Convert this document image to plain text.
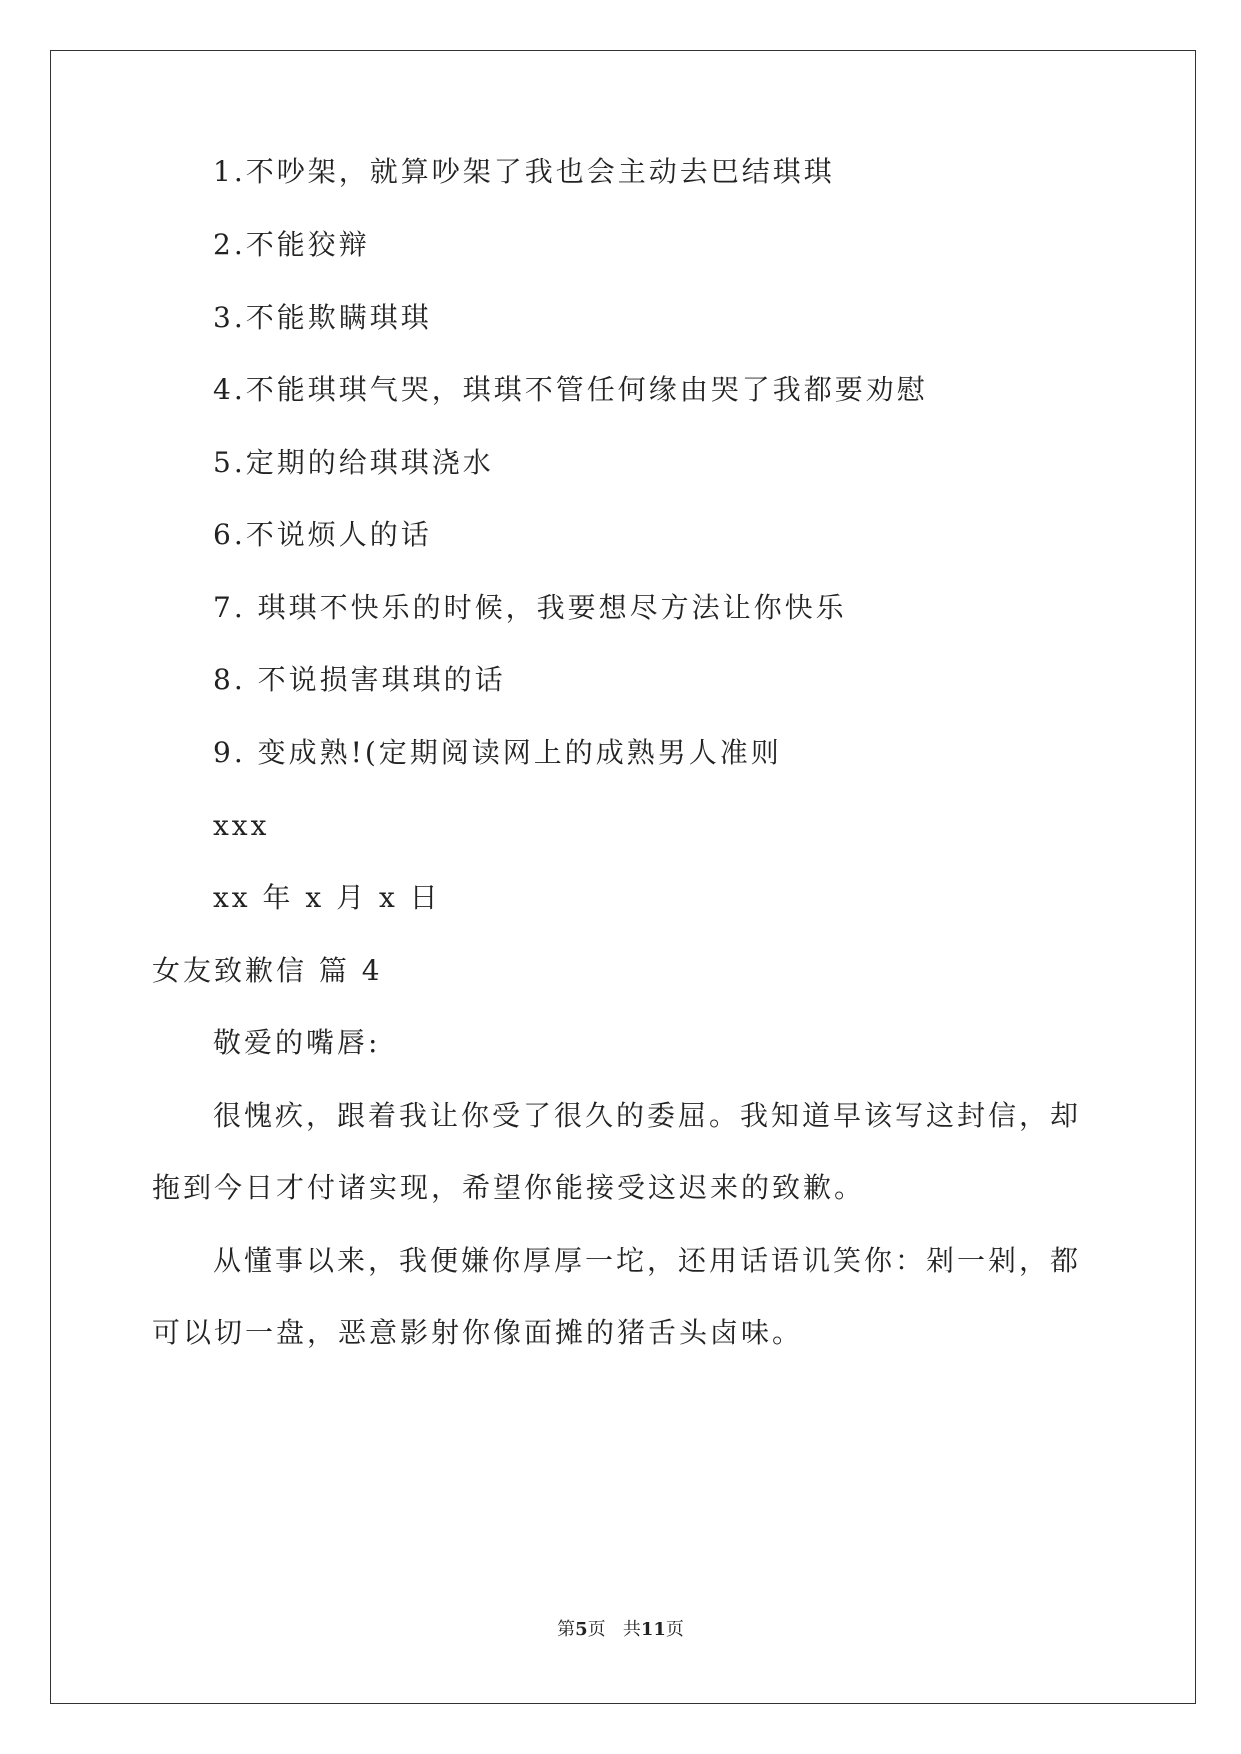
1.不吵架，就算吵架了我也会主动去巴结琪琪
2.不能狡辩
3.不能欺瞒琪琪
4.不能琪琪气哭，琪琪不管任何缘由哭了我都要劝慰
5.定期的给琪琪浇水
6.不说烦人的话
7. 琪琪不快乐的时候，我要想尽方法让你快乐
8. 不说损害琪琪的话
9. 变成熟!(定期阅读网上的成熟男人准则
xxx
xx 年 x 月 x 日
女友致歉信 篇 4
敬爱的嘴唇:
很愧疚，跟着我让你受了很久的委屈。我知道早该写这封信，却
拖到今日才付诸实现，希望你能接受这迟来的致歉。
从懂事以来，我便嫌你厚厚一坨，还用话语讥笑你：剁一剁，都
可以切一盘，恶意影射你像面摊的猪舌头卤味。
第5页 共11页
